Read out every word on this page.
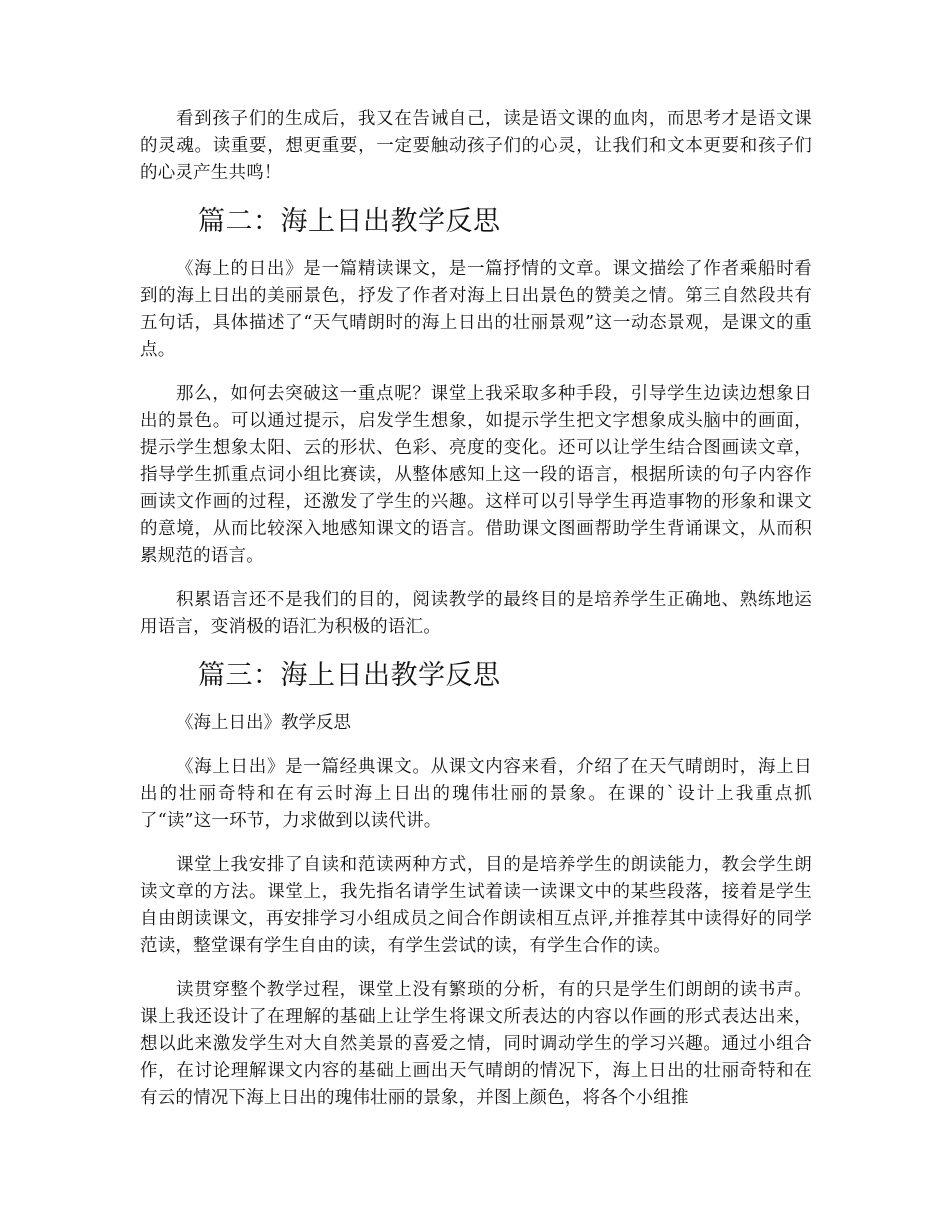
看到孩子们的生成后，我又在告诫自己，读是语文课的血肉，而思考才是语文课的灵魂。读重要，想更重要，一定要触动孩子们的心灵，让我们和文本更要和孩子们的心灵产生共鸣！

篇二：海上日出教学反思

《海上的日出》是一篇精读课文，是一篇抒情的文章。课文描绘了作者乘船时看到的海上日出的美丽景色，抒发了作者对海上日出景色的赞美之情。第三自然段共有五句话，具体描述了“天气晴朗时的海上日出的壮丽景观”这一动态景观，是课文的重点。

那么，如何去突破这一重点呢？课堂上我采取多种手段，引导学生边读边想象日出的景色。可以通过提示，启发学生想象，如提示学生把文字想象成头脑中的画面，提示学生想象太阳、云的形状、色彩、亮度的变化。还可以让学生结合图画读文章，指导学生抓重点词小组比赛读，从整体感知上这一段的语言，根据所读的句子内容作画读文作画的过程，还激发了学生的兴趣。这样可以引导学生再造事物的形象和课文的意境，从而比较深入地感知课文的语言。借助课文图画帮助学生背诵课文，从而积累规范的语言。

积累语言还不是我们的目的，阅读教学的最终目的是培养学生正确地、熟练地运用语言，变消极的语汇为积极的语汇。

篇三：海上日出教学反思

《海上日出》教学反思

《海上日出》是一篇经典课文。从课文内容来看，介绍了在天气晴朗时，海上日出的壮丽奇特和在有云时海上日出的瑰伟壮丽的景象。在课的`设计上我重点抓了“读”这一环节，力求做到以读代讲。

课堂上我安排了自读和范读两种方式，目的是培养学生的朗读能力，教会学生朗读文章的方法。课堂上，我先指名请学生试着读一读课文中的某些段落，接着是学生自由朗读课文，再安排学习小组成员之间合作朗读相互点评,并推荐其中读得好的同学范读，整堂课有学生自由的读，有学生尝试的读，有学生合作的读。

读贯穿整个教学过程，课堂上没有繁琐的分析，有的只是学生们朗朗的读书声。课上我还设计了在理解的基础上让学生将课文所表达的内容以作画的形式表达出来，想以此来激发学生对大自然美景的喜爱之情，同时调动学生的学习兴趣。通过小组合作，在讨论理解课文内容的基础上画出天气晴朗的情况下，海上日出的壮丽奇特和在有云的情况下海上日出的瑰伟壮丽的景象，并图上颜色，将各个小组推
